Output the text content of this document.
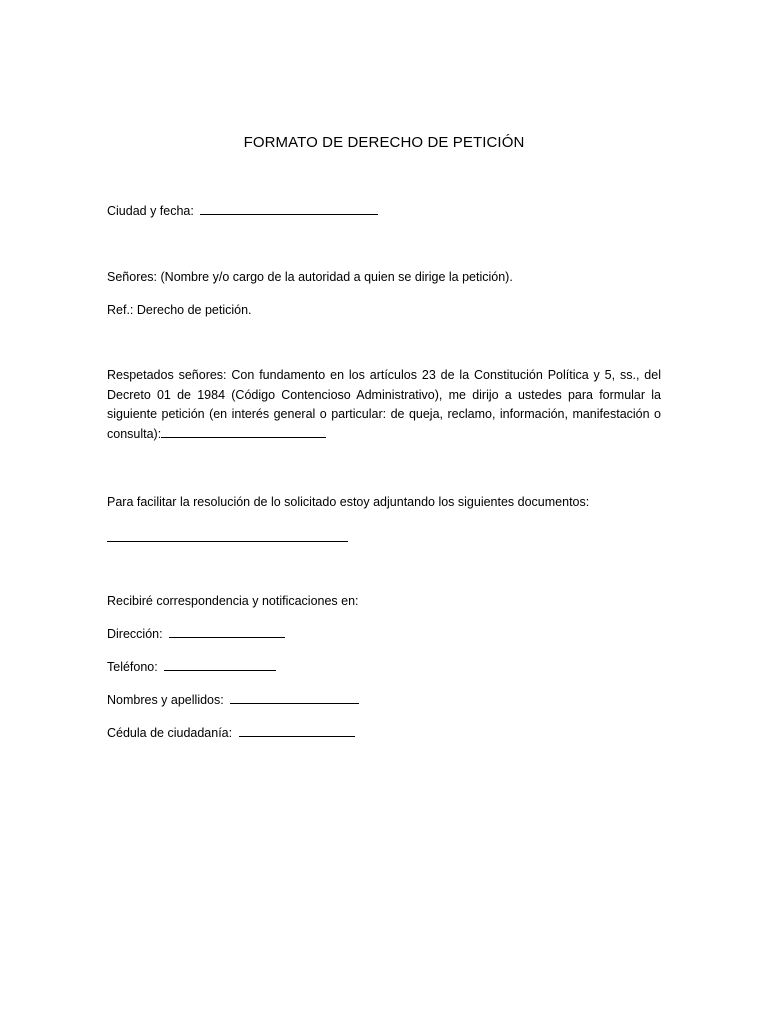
FORMATO DE DERECHO DE PETICIÓN
Ciudad y fecha:
Señores: (Nombre y/o cargo de la autoridad a quien se dirige la petición).
Ref.: Derecho de petición.
Respetados señores: Con fundamento en los artículos 23 de la Constitución Política y 5, ss., del Decreto 01 de 1984 (Código Contencioso Administrativo), me dirijo a ustedes para formular la siguiente petición (en interés general o particular: de queja, reclamo, información, manifestación o consulta):
Para facilitar la resolución de lo solicitado estoy adjuntando los siguientes documentos:
Recibiré correspondencia y notificaciones en:
Dirección:
Teléfono:
Nombres y apellidos:
Cédula de ciudadanía:
